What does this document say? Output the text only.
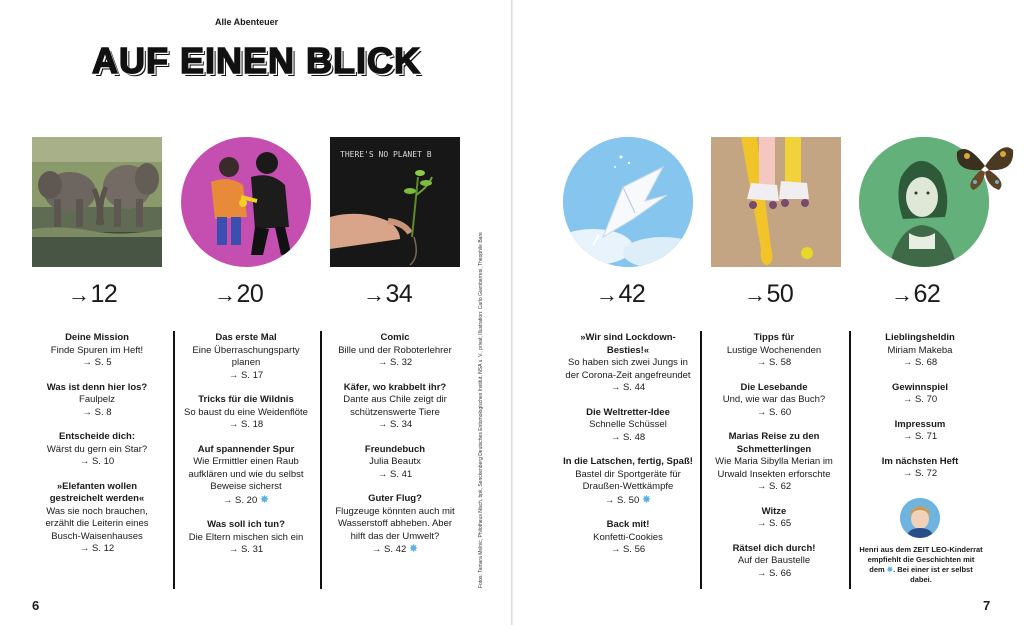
Alle Abenteuer
AUF EINEN BLICK
THERE'S NO PLANET B
→12	→20	→34
Deine Mission
Finde Spuren im Heft!
→ S. 5
Was ist denn hier los?
Faulpelz
→ S. 8
Entscheide dich:
Wärst du gern ein Star?
→ S. 10
»Elefanten wollen gestreichelt werden«
Was sie noch brauchen, erzählt die Leiterin eines Busch-Waisenhauses
→ S. 12
Das erste Mal
Eine Überraschungsparty planen
→ S. 17
Tricks für die Wildnis
So baust du eine Weidenflöte
→ S. 18
Auf spannender Spur
Wie Ermittler einen Raub aufklären und wie du selbst Beweise sicherst
→ S. 20 ✸
Was soll ich tun?
Die Eltern mischen sich ein
→ S. 31
Comic
Bille und der Roboterlehrer
→ S. 32
Käfer, wo krabbelt ihr?
Dante aus Chile zeigt dir schützenswerte Tiere
→ S. 34
Freundebuch
Julia Beautx
→ S. 41
Guter Flug?
Flugzeuge könnten auch mit Wasserstoff abheben. Aber hilft das der Umwelt?
→ S. 42 ✸	Fotos: Tamara Melnic, Philotheus Nisch, bpk, Senckenberg Deutsches Entomologisches Institut, NSA u. V., privat; Illustration: Carlo Giambarresi, Theophile Bare
6
→42	→50	→62
»Wir sind Lockdown-Besties!«
So haben sich zwei Jungs in der Corona-Zeit angefreundet
→ S. 44
Die Weltretter-Idee
Schnelle Schüssel
→ S. 48
In die Latschen, fertig, Spaß!
Bastel dir Sportgeräte für Draußen-Wettkämpfe
→ S. 50 ✸
Back mit!
Konfetti-Cookies
→ S. 56
Tipps für
Lustige Wochenenden
→ S. 58
Die Lesebande
Und, wie war das Buch?
→ S. 60
Marias Reise zu den Schmetterlingen
Wie Maria Sibylla Merian im Urwald Insekten erforschte
→ S. 62
Witze
→ S. 65
Rätsel dich durch!
Auf der Baustelle
→ S. 66
Lieblingsheldin
Miriam Makeba
→ S. 68
Gewinnspiel
→ S. 70
Impressum
→ S. 71
Im nächsten Heft
→ S. 72
Henri aus dem ZEIT LEO-Kinderrat empfiehlt die Geschichten mit dem ✸. Bei einer ist er selbst dabei.
7
